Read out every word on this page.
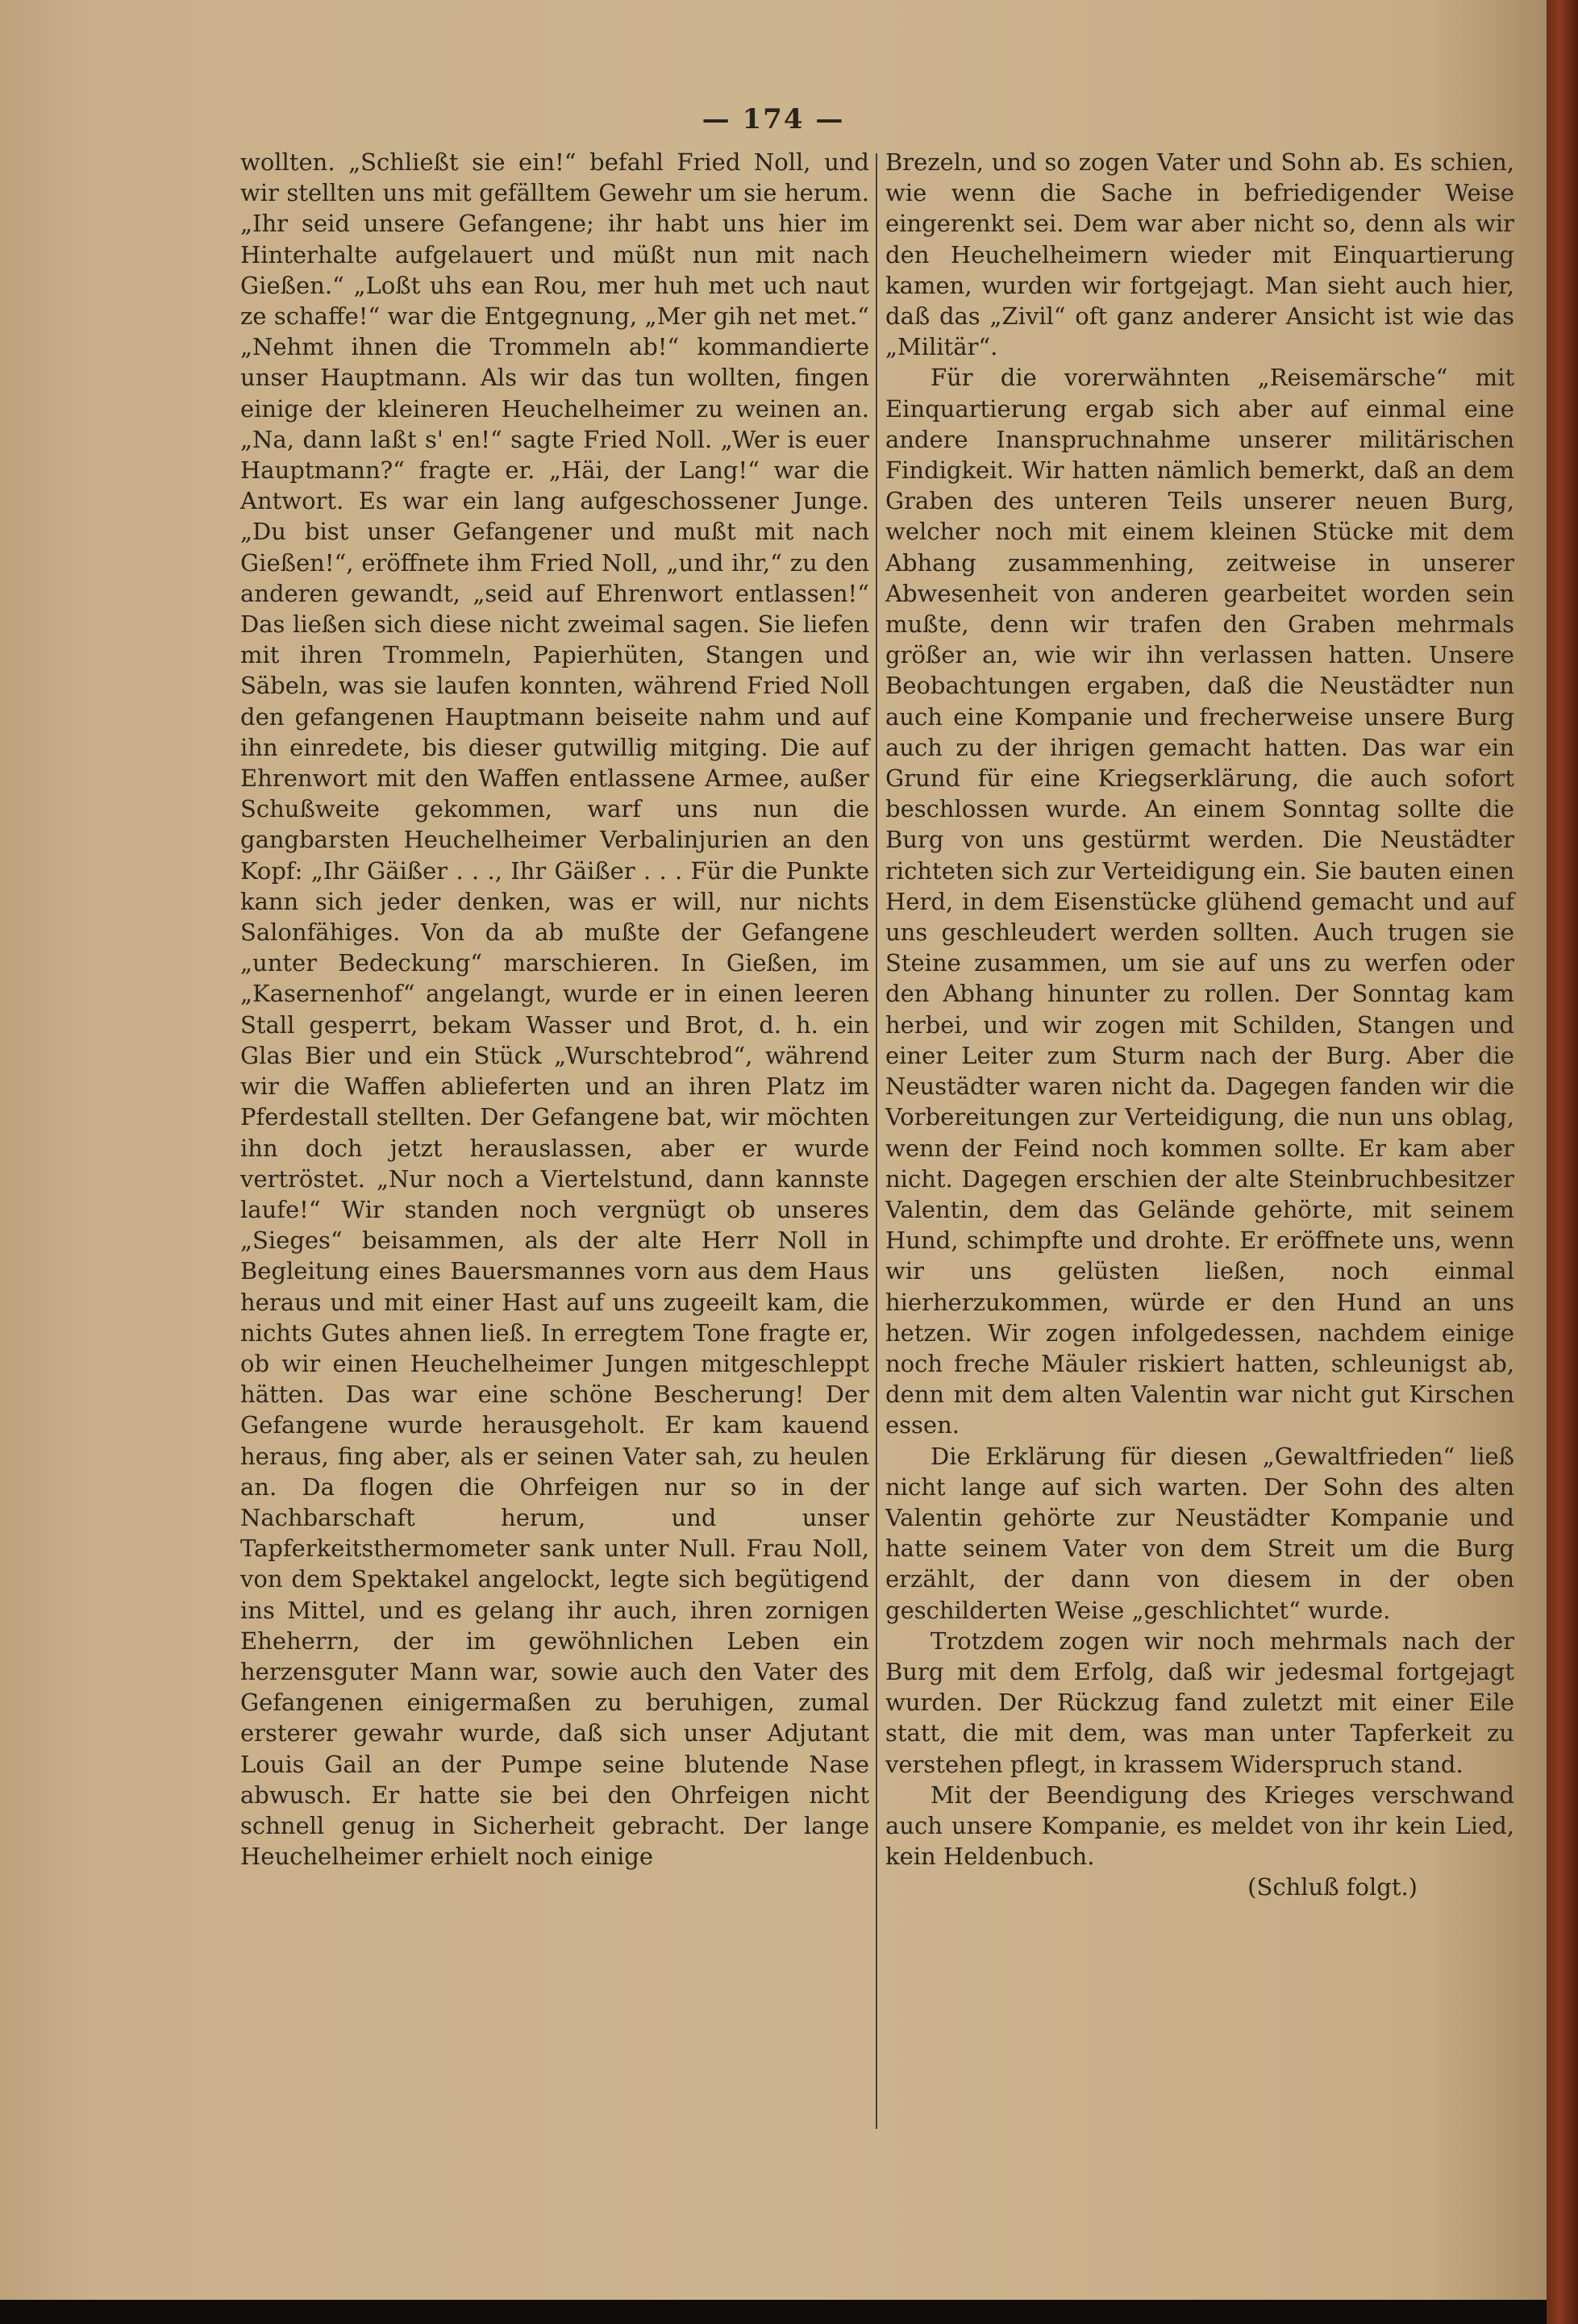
— 174 —

wollten. „Schließt sie ein!“ befahl Fried Noll, und wir stellten uns mit gefälltem Gewehr um sie herum. „Ihr seid unsere Gefangene; ihr habt uns hier im Hinterhalte aufgelauert und müßt nun mit nach Gießen.“ „Loßt uhs ean Rou, mer huh met uch naut ze schaffe!“ war die Entgegnung, „Mer gih net met.“ „Nehmt ihnen die Trommeln ab!“ kommandierte unser Hauptmann. Als wir das tun wollten, fingen einige der kleineren Heuchelheimer zu weinen an. „Na, dann laßt s' en!“ sagte Fried Noll. „Wer is euer Hauptmann?“ fragte er. „Häi, der Lang!“ war die Antwort. Es war ein lang aufgeschossener Junge. „Du bist unser Gefangener und mußt mit nach Gießen!“, eröffnete ihm Fried Noll, „und ihr,“ zu den anderen gewandt, „seid auf Ehrenwort entlassen!“ Das ließen sich diese nicht zweimal sagen. Sie liefen mit ihren Trommeln, Papierhüten, Stangen und Säbeln, was sie laufen konnten, während Fried Noll den gefangenen Hauptmann beiseite nahm und auf ihn einredete, bis dieser gutwillig mitging. Die auf Ehrenwort mit den Waffen entlassene Armee, außer Schußweite gekommen, warf uns nun die gangbarsten Heuchelheimer Verbalinjurien an den Kopf: „Ihr Gäißer . . ., Ihr Gäißer . . . Für die Punkte kann sich jeder denken, was er will, nur nichts Salonfähiges. Von da ab mußte der Gefangene „unter Bedeckung“ marschieren. In Gießen, im „Kasernenhof“ angelangt, wurde er in einen leeren Stall gesperrt, bekam Wasser und Brot, d. h. ein Glas Bier und ein Stück „Wurschtebrod“, während wir die Waffen ablieferten und an ihren Platz im Pferdestall stellten. Der Gefangene bat, wir möchten ihn doch jetzt herauslassen, aber er wurde vertröstet. „Nur noch a Viertelstund, dann kannste laufe!“ Wir standen noch vergnügt ob unseres „Sieges“ beisammen, als der alte Herr Noll in Begleitung eines Bauersmannes vorn aus dem Haus heraus und mit einer Hast auf uns zugeeilt kam, die nichts Gutes ahnen ließ. In erregtem Tone fragte er, ob wir einen Heuchelheimer Jungen mitgeschleppt hätten. Das war eine schöne Bescherung! Der Gefangene wurde herausgeholt. Er kam kauend heraus, fing aber, als er seinen Vater sah, zu heulen an. Da flogen die Ohrfeigen nur so in der Nachbarschaft herum, und unser Tapferkeitsthermometer sank unter Null. Frau Noll, von dem Spektakel angelockt, legte sich begütigend ins Mittel, und es gelang ihr auch, ihren zornigen Eheherrn, der im gewöhnlichen Leben ein herzensguter Mann war, sowie auch den Vater des Gefangenen einigermaßen zu beruhigen, zumal ersterer gewahr wurde, daß sich unser Adjutant Louis Gail an der Pumpe seine blutende Nase abwusch. Er hatte sie bei den Ohrfeigen nicht schnell genug in Sicherheit gebracht. Der lange Heuchelheimer erhielt noch einige

Brezeln, und so zogen Vater und Sohn ab. Es schien, wie wenn die Sache in befriedigender Weise eingerenkt sei. Dem war aber nicht so, denn als wir den Heuchelheimern wieder mit Einquartierung kamen, wurden wir fortgejagt. Man sieht auch hier, daß das „Zivil“ oft ganz anderer Ansicht ist wie das „Militär“.

Für die vorerwähnten „Reisemärsche“ mit Einquartierung ergab sich aber auf einmal eine andere Inanspruchnahme unserer militärischen Findigkeit. Wir hatten nämlich bemerkt, daß an dem Graben des unteren Teils unserer neuen Burg, welcher noch mit einem kleinen Stücke mit dem Abhang zusammenhing, zeitweise in unserer Abwesenheit von anderen gearbeitet worden sein mußte, denn wir trafen den Graben mehrmals größer an, wie wir ihn verlassen hatten. Unsere Beobachtungen ergaben, daß die Neustädter nun auch eine Kompanie und frecherweise unsere Burg auch zu der ihrigen gemacht hatten. Das war ein Grund für eine Kriegserklärung, die auch sofort beschlossen wurde. An einem Sonntag sollte die Burg von uns gestürmt werden. Die Neustädter richteten sich zur Verteidigung ein. Sie bauten einen Herd, in dem Eisenstücke glühend gemacht und auf uns geschleudert werden sollten. Auch trugen sie Steine zusammen, um sie auf uns zu werfen oder den Abhang hinunter zu rollen. Der Sonntag kam herbei, und wir zogen mit Schilden, Stangen und einer Leiter zum Sturm nach der Burg. Aber die Neustädter waren nicht da. Dagegen fanden wir die Vorbereitungen zur Verteidigung, die nun uns oblag, wenn der Feind noch kommen sollte. Er kam aber nicht. Dagegen erschien der alte Steinbruchbesitzer Valentin, dem das Gelände gehörte, mit seinem Hund, schimpfte und drohte. Er eröffnete uns, wenn wir uns gelüsten ließen, noch einmal hierherzukommen, würde er den Hund an uns hetzen. Wir zogen infolgedessen, nachdem einige noch freche Mäuler riskiert hatten, schleunigst ab, denn mit dem alten Valentin war nicht gut Kirschen essen.

Die Erklärung für diesen „Gewaltfrieden“ ließ nicht lange auf sich warten. Der Sohn des alten Valentin gehörte zur Neustädter Kompanie und hatte seinem Vater von dem Streit um die Burg erzählt, der dann von diesem in der oben geschilderten Weise „geschlichtet“ wurde.

Trotzdem zogen wir noch mehrmals nach der Burg mit dem Erfolg, daß wir jedesmal fortgejagt wurden. Der Rückzug fand zuletzt mit einer Eile statt, die mit dem, was man unter Tapferkeit zu verstehen pflegt, in krassem Widerspruch stand.

Mit der Beendigung des Krieges verschwand auch unsere Kompanie, es meldet von ihr kein Lied, kein Heldenbuch.

(Schluß folgt.)
